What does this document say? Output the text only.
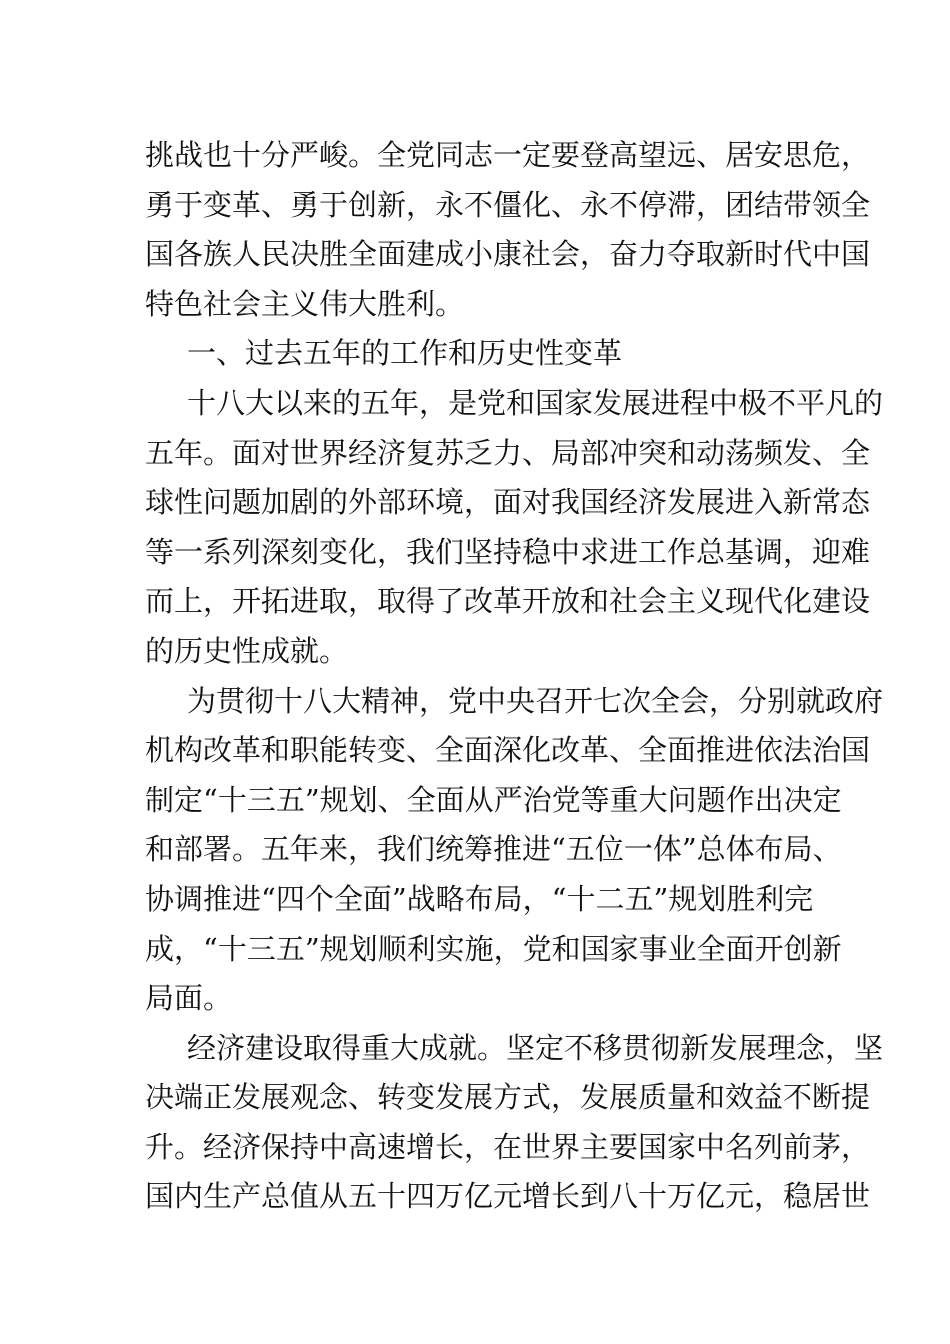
挑战也十分严峻。全党同志一定要登高望远、居安思危，
勇于变革、勇于创新，永不僵化、永不停滞，团结带领全
国各族人民决胜全面建成小康社会，奋力夺取新时代中国
特色社会主义伟大胜利。
一、过去五年的工作和历史性变革
十八大以来的五年，是党和国家发展进程中极不平凡的
五年。面对世界经济复苏乏力、局部冲突和动荡频发、全
球性问题加剧的外部环境，面对我国经济发展进入新常态
等一系列深刻变化，我们坚持稳中求进工作总基调，迎难
而上，开拓进取，取得了改革开放和社会主义现代化建设
的历史性成就。
为贯彻十八大精神，党中央召开七次全会，分别就政府
机构改革和职能转变、全面深化改革、全面推进依法治国
制定“十三五”规划、全面从严治党等重大问题作出决定
和部署。五年来，我们统筹推进“五位一体”总体布局、
协调推进“四个全面”战略布局，“十二五”规划胜利完
成，“十三五”规划顺利实施，党和国家事业全面开创新
局面。
经济建设取得重大成就。坚定不移贯彻新发展理念，坚
决端正发展观念、转变发展方式，发展质量和效益不断提
升。经济保持中高速增长，在世界主要国家中名列前茅，
国内生产总值从五十四万亿元增长到八十万亿元，稳居世
